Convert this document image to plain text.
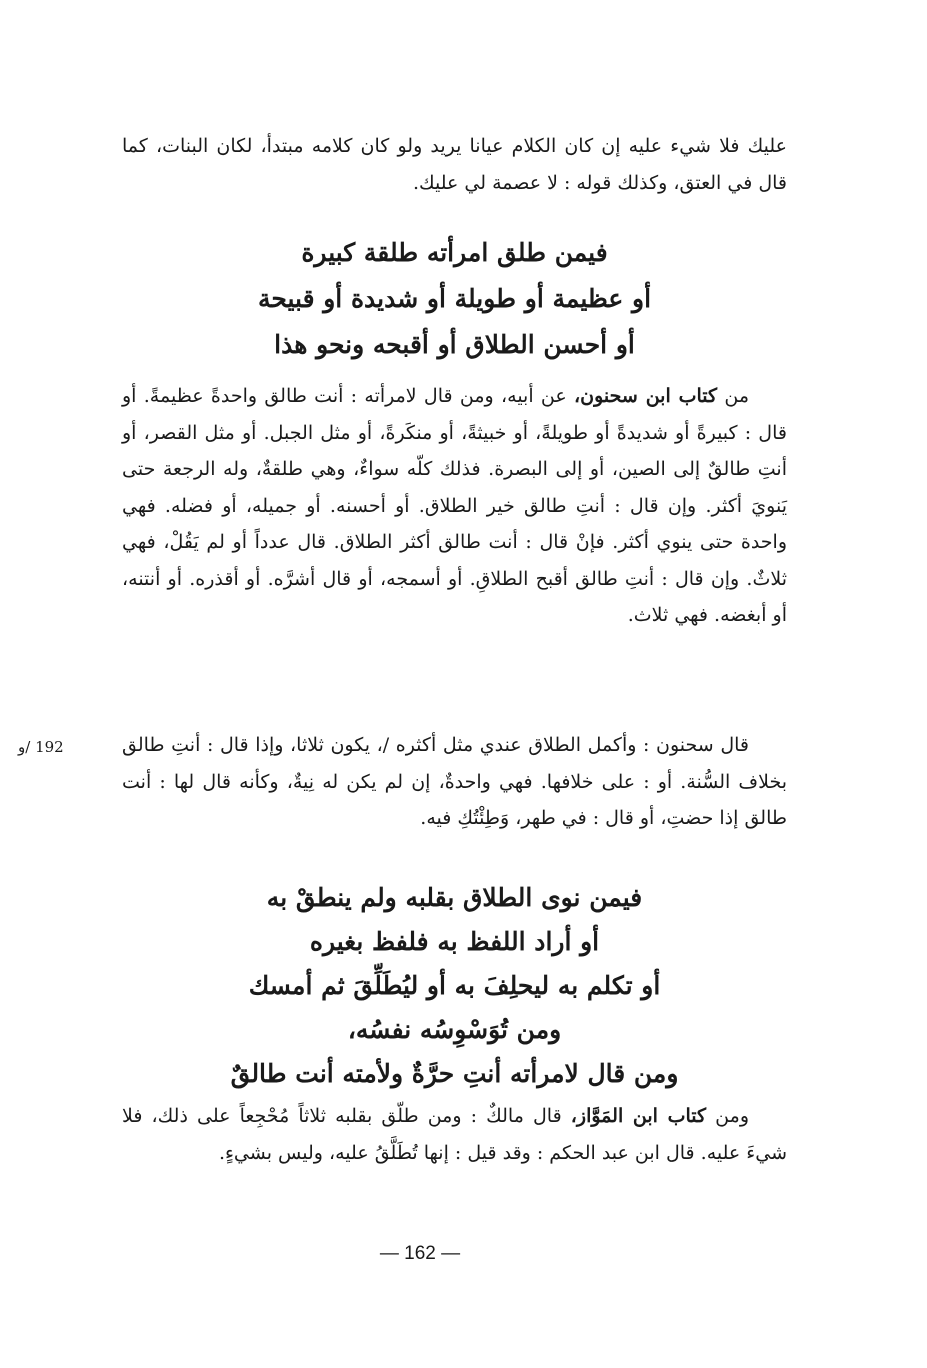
عليك فلا شيء عليه إن كان الكلام عيانا يريد ولو كان كلامه مبتدأ، لكان البنات، كما قال في العتق، وكذلك قوله : لا عصمة لي عليك.

فيمن طلق امرأته طلقة كبيرة
أو عظيمة أو طويلة أو شديدة أو قبيحة
أو أحسن الطلاق أو أقبحه ونحو هذا

من كتاب ابن سحنون، عن أبيه، ومن قال لامرأته : أنت طالق واحدةً عظيمةً. أو قال : كبيرةً أو شديدةً أو طويلةً، أو خبيثةً، أو منكَرةً، أو مثل الجبل. أو مثل القصر، أو أنتِ طالقٌ إلى الصين، أو إلى البصرة. فذلك كلّه سواءٌ، وهي طلقةٌ، وله الرجعة حتى يَنويَ أكثر. وإن قال : أنتِ طالق خير الطلاق. أو أحسنه. أو جميله، أو فضله. فهي واحدة حتى ينوي أكثر. فإنْ قال : أنت طالق أكثر الطلاق. قال عدداً أو لم يَقُلْ، فهي ثلاثٌ. وإن قال : أنتِ طالق أقبح الطلاقِ. أو أسمجه، أو قال أشرَّه. أو أقذره. أو أنتنه، أو أبغضه. فهي ثلاث.

192 /و	قال سحنون : وأكمل الطلاق عندي مثل أكثره /، يكون ثلاثا، وإذا قال : أنتِ طالق بخلاف السُّنة. أو : على خلافها. فهي واحدةٌ، إن لم يكن له نِيةٌ، وكأنه قال لها : أنت طالق إذا حضتِ، أو قال : في طهر، وَطِئْتُكِ فيه.

فيمن نوى الطلاق بقلبه ولم ينطقْ به
أو أراد اللفظ به فلفظ بغيره
أو تكلم به ليحلِفَ به أو ليُطَلِّقَ ثم أمسك
ومن تُوَسْوِسُه نفسُه،
ومن قال لامرأته أنتِ حرَّةٌ ولأمته أنت طالقٌ

ومن كتاب ابن المَوَّاز، قال مالكٌ : ومن طلّق بقلبه ثلاثاً مُحْجِعاً على ذلك، فلا شيءَ عليه. قال ابن عبد الحكم : وقد قيل : إنها تُطَلَّقُ عليه، وليس بشيءٍ.

— 162 —
